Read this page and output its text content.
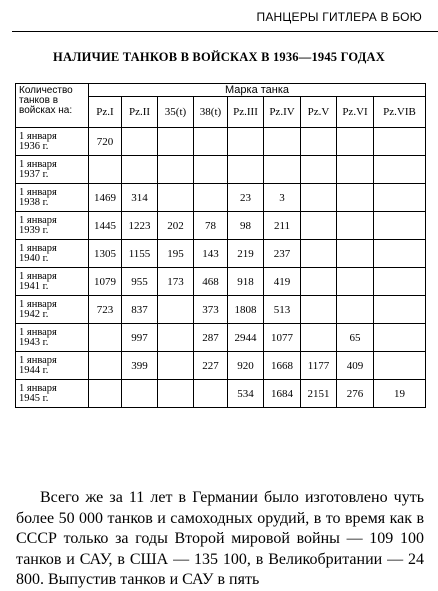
ПАНЦЕРЫ ГИТЛЕРА В БОЮ
НАЛИЧИЕ ТАНКОВ В ВОЙСКАХ В 1936—1945 ГОДАХ
Количество
танков в
войсках на:	Марка танка								
	Pz.I	Pz.II	35(t)	38(t)	Pz.III	Pz.IV	Pz.V	Pz.VI	Pz.VIB

1 января
1936 г.	720								

1 января
1937 г.									

1 января
1938 г.	1469	314			23	3			

1 января
1939 г.	1445	1223	202	78	98	211			

1 января
1940 г.	1305	1155	195	143	219	237			

1 января
1941 г.	1079	955	173	468	918	419			

1 января
1942 г.	723	837		373	1808	513			

1 января
1943 г.		997		287	2944	1077		65	

1 января
1944 г.		399		227	920	1668	1177	409	

1 января
1945 г.					534	1684	2151	276	19

Всего же за 11 лет в Германии было изготовлено чуть более 50 000 танков и самоходных орудий, в то время как в СССР только за годы Второй мировой войны — 109 100 танков и САУ, в США — 135 100, в Великобритании — 24 800. Выпустив танков и САУ в пять
